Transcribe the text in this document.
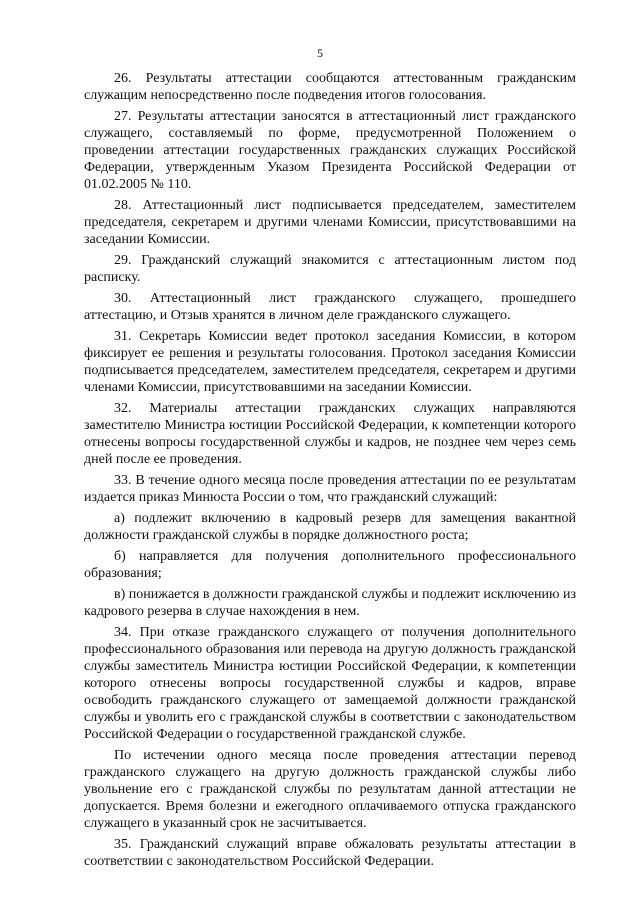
5

26. Результаты аттестации сообщаются аттестованным гражданским служащим непосредственно после подведения итогов голосования.

27. Результаты аттестации заносятся в аттестационный лист гражданского служащего, составляемый по форме, предусмотренной Положением о проведении аттестации государственных гражданских служащих Российской Федерации, утвержденным Указом Президента Российской Федерации от 01.02.2005 № 110.

28. Аттестационный лист подписывается председателем, заместителем председателя, секретарем и другими членами Комиссии, присутствовавшими на заседании Комиссии.

29. Гражданский служащий знакомится с аттестационным листом под расписку.

30. Аттестационный лист гражданского служащего, прошедшего аттестацию, и Отзыв хранятся в личном деле гражданского служащего.

31. Секретарь Комиссии ведет протокол заседания Комиссии, в котором фиксирует ее решения и результаты голосования. Протокол заседания Комиссии подписывается председателем, заместителем председателя, секретарем и другими членами Комиссии, присутствовавшими на заседании Комиссии.

32. Материалы аттестации гражданских служащих направляются заместителю Министра юстиции Российской Федерации, к компетенции которого отнесены вопросы государственной службы и кадров, не позднее чем через семь дней после ее проведения.

33. В течение одного месяца после проведения аттестации по ее результатам издается приказ Минюста России о том, что гражданский служащий:

а) подлежит включению в кадровый резерв для замещения вакантной должности гражданской службы в порядке должностного роста;

б) направляется для получения дополнительного профессионального образования;

в) понижается в должности гражданской службы и подлежит исключению из кадрового резерва в случае нахождения в нем.

34. При отказе гражданского служащего от получения дополнительного профессионального образования или перевода на другую должность гражданской службы заместитель Министра юстиции Российской Федерации, к компетенции которого отнесены вопросы государственной службы и кадров, вправе освободить гражданского служащего от замещаемой должности гражданской службы и уволить его с гражданской службы в соответствии с законодательством Российской Федерации о государственной гражданской службе.

По истечении одного месяца после проведения аттестации перевод гражданского служащего на другую должность гражданской службы либо увольнение его с гражданской службы по результатам данной аттестации не допускается. Время болезни и ежегодного оплачиваемого отпуска гражданского служащего в указанный срок не засчитывается.

35. Гражданский служащий вправе обжаловать результаты аттестации в соответствии с законодательством Российской Федерации.
